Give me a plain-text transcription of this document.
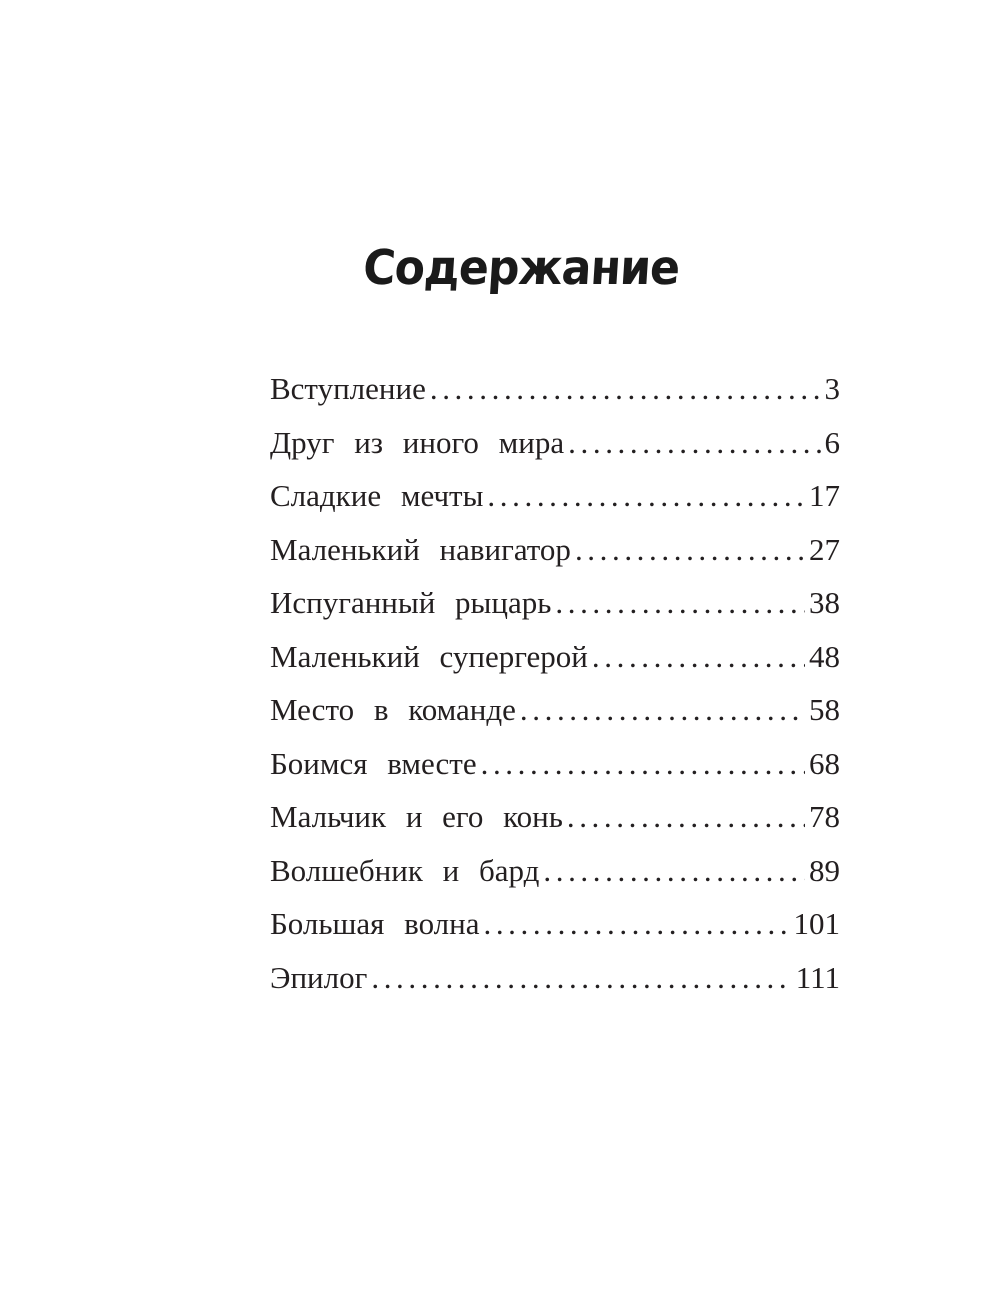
Содержание
Вступление .....	3
Друг из иного мира .....	6
Сладкие мечты .....	17
Маленький навигатор .....	27
Испуганный рыцарь .....	38
Маленький супергерой .....	48
Место в команде .....	58
Боимся вместе .....	68
Мальчик и его конь .....	78
Волшебник и бард .....	89
Большая волна .....	101
Эпилог .....	111
